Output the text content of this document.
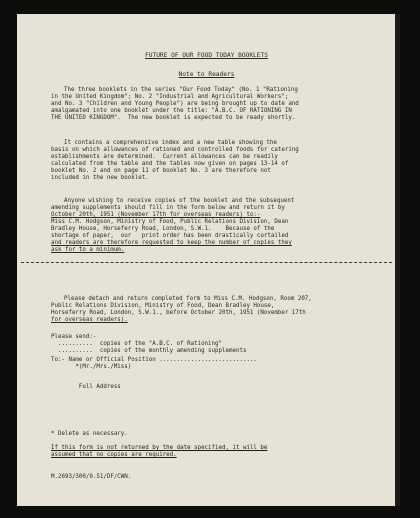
FUTURE OF OUR FOOD TODAY BOOKLETS
Note to Readers
The three booklets in the series "Our Food Today" (No. 1 "Rationing
in the United Kingdom"; No. 2 "Industrial and Agricultural Workers";
and No. 3 "Children and Young People") are being brought up to date and
amalgamated into one booklet under the title: "A.B.C. OF RATIONING IN
THE UNITED KINGDOM".  The new booklet is expected to be ready shortly.
It contains a comprehensive index and a new table showing the
basis on which allowances of rationed and controlled foods for catering
establishments are determined.  Current allowances can be readily
calculated from the table and the tables now given on pages 13-14 of
booklet No. 2 and on page 11 of booklet No. 3 are therefore not
included in the new booklet.
Anyone wishing to receive copies of the booklet and the subsequent
amending supplements should fill in the form below and return it by
October 20th, 1951 (November 17th for overseas readers) to:-
Miss C.M. Hodgson, Ministry of Food, Public Relations Division, Dean
Bradley House, Horseferry Road, London, S.W.1.    Because of the
shortage of paper,  our   print order has been drastically curtailed
and readers are therefore requested to keep the number of copies they
ask for to a minimum.
Please detach and return completed form to Miss C.M. Hodgson, Room 207,
Public Relations Division, Ministry of Food, Dean Bradley House,
Horseferry Road, London, S.W.1., before October 20th, 1951 (November 17th
for overseas readers).
Please send:-
..........  copies of the "A.B.C. of Rationing"
..........  copies of the monthly amending supplements
To:- Name or Official Position ............................
*(Mr./Mrs./Miss)
Full Address
* Delete as necessary.
If this form is not returned by the date specified, it will be
assumed that no copies are required.
M.2693/300/9.51/DF/CWN.
